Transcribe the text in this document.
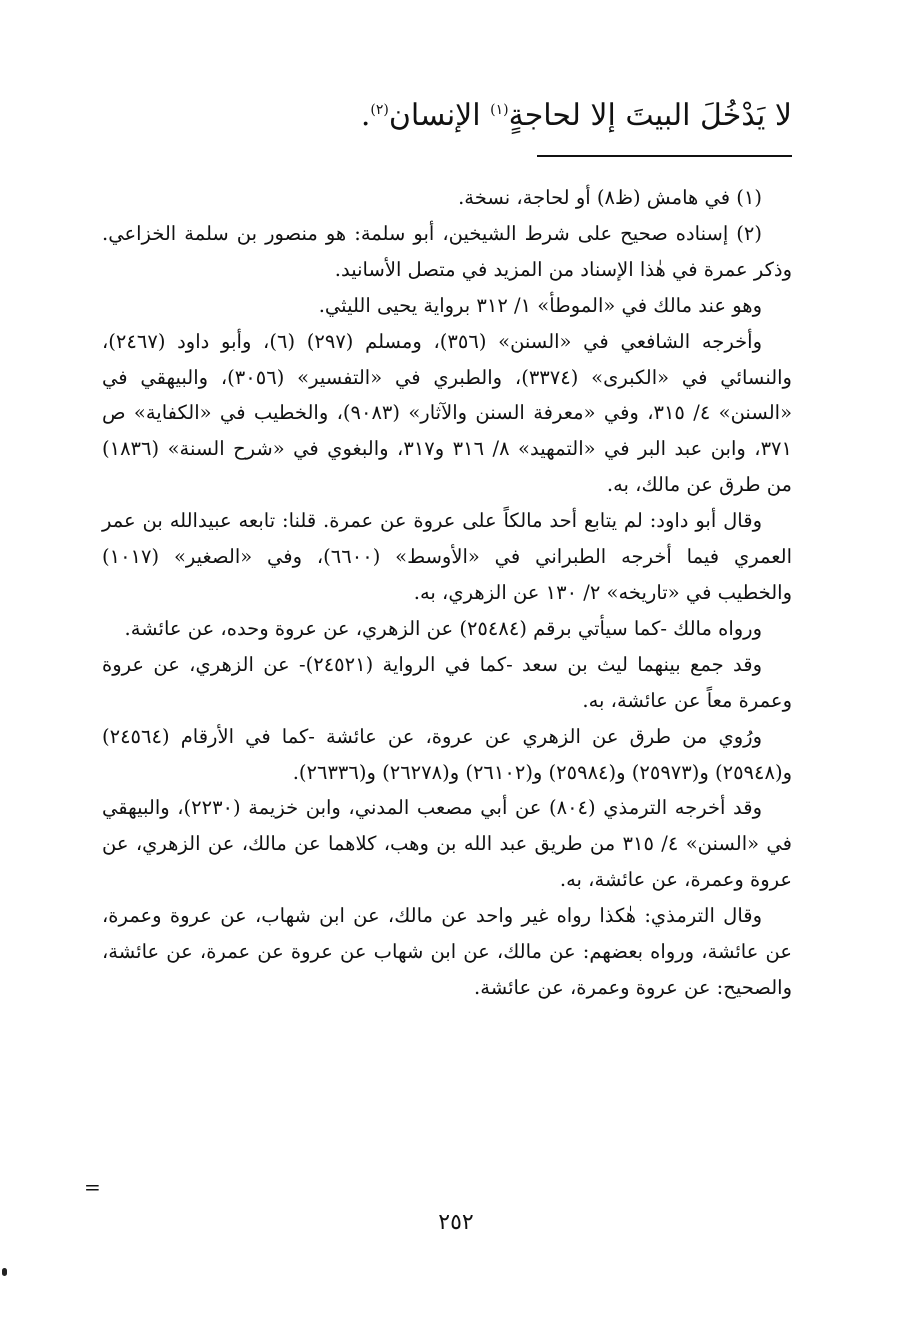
لا يَدْخُلَ البيتَ إلا لحاجةٍ$^{(١)}$ الإنسان$^{(٢)}$.

(١) في هامش (ظ٨) أو لحاجة، نسخة.

(٢) إسناده صحيح على شرط الشيخين، أبو سلمة: هو منصور بن سلمة الخزاعي. وذكر عمرة في هٰذا الإسناد من المزيد في متصل الأسانيد.

وهو عند مالك في «الموطأ» ١/ ٣١٢ برواية يحيى الليثي.

وأخرجه الشافعي في «السنن» (٣٥٦)، ومسلم (٢٩٧) (٦)، وأبو داود (٢٤٦٧)، والنسائي في «الكبرى» (٣٣٧٤)، والطبري في «التفسير» (٣٠٥٦)، والبيهقي في «السنن» ٤/ ٣١٥، وفي «معرفة السنن والآثار» (٩٠٨٣)، والخطيب في «الكفاية» ص ٣٧١، وابن عبد البر في «التمهيد» ٨/ ٣١٦ و٣١٧، والبغوي في «شرح السنة» (١٨٣٦) من طرق عن مالك، به.

وقال أبو داود: لم يتابع أحد مالكاً على عروة عن عمرة. قلنا: تابعه عبيدالله بن عمر العمري فيما أخرجه الطبراني في «الأوسط» (٦٦٠٠)، وفي «الصغير» (١٠١٧) والخطيب في «تاريخه» ٢/ ١٣٠ عن الزهري، به.

ورواه مالك -كما سيأتي برقم (٢٥٤٨٤) عن الزهري، عن عروة وحده، عن عائشة.

وقد جمع بينهما ليث بن سعد -كما في الرواية (٢٤٥٢١)- عن الزهري، عن عروة وعمرة معاً عن عائشة، به.

ورُوي من طرق عن الزهري عن عروة، عن عائشة -كما في الأرقام (٢٤٥٦٤) و(٢٥٩٤٨) و(٢٥٩٧٣) و(٢٥٩٨٤) و(٢٦١٠٢) و(٢٦٢٧٨) و(٢٦٣٣٦).

وقد أخرجه الترمذي (٨٠٤) عن أبي مصعب المدني، وابن خزيمة (٢٢٣٠)، والبيهقي في «السنن» ٤/ ٣١٥ من طريق عبد الله بن وهب، كلاهما عن مالك، عن الزهري، عن عروة وعمرة، عن عائشة، به.

وقال الترمذي: هٰكذا رواه غير واحد عن مالك، عن ابن شهاب، عن عروة وعمرة، عن عائشة، ورواه بعضهم: عن مالك، عن ابن شهاب عن عروة عن عمرة، عن عائشة، والصحيح: عن عروة وعمرة، عن عائشة.

=
٢٥٢
